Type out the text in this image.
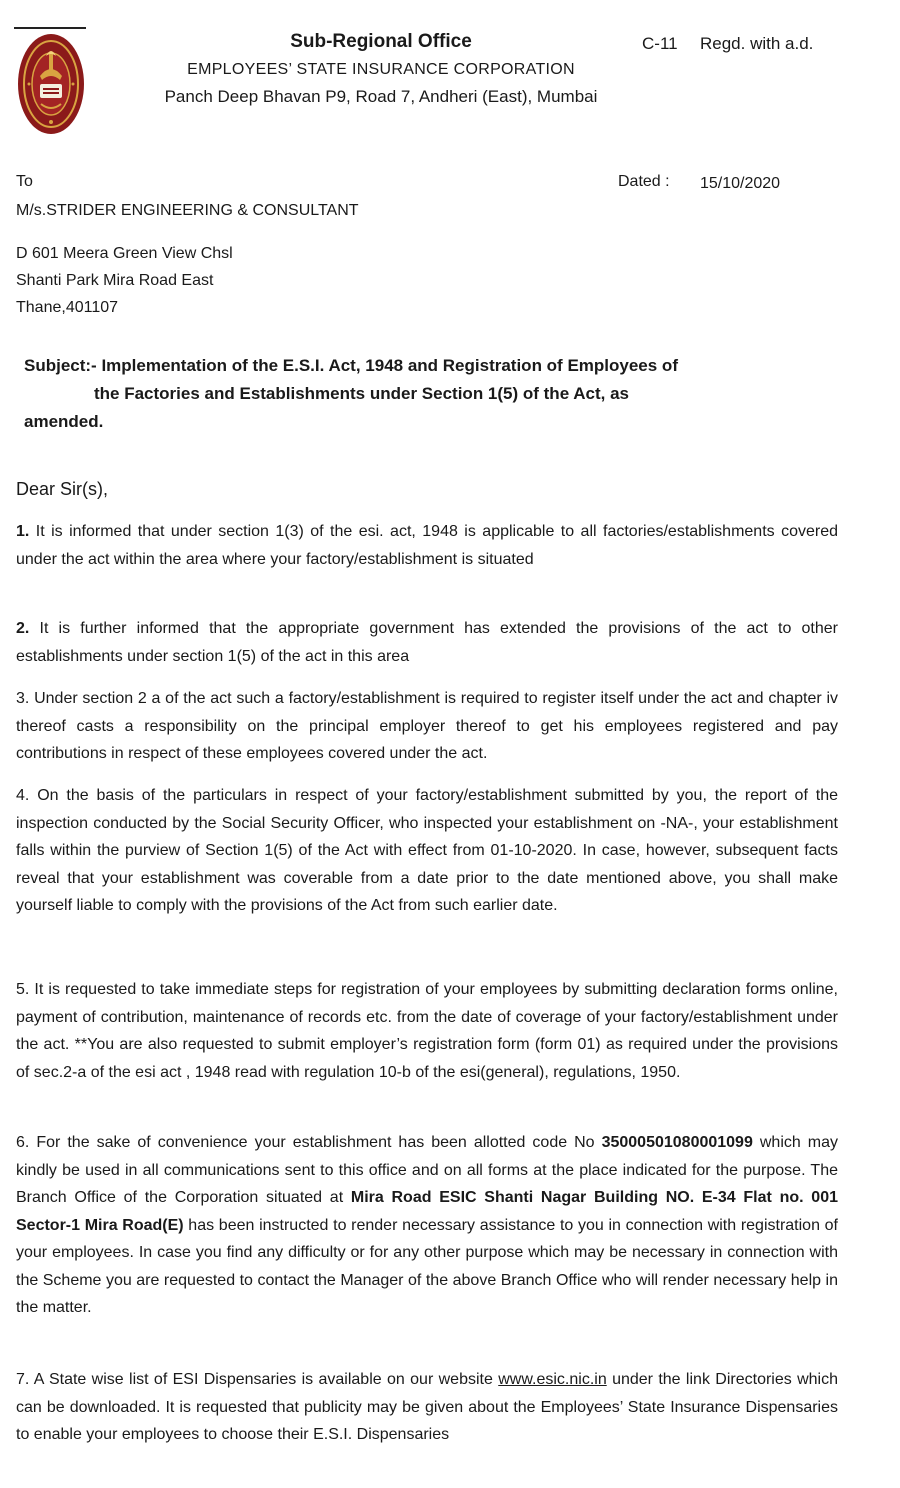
Sub-Regional Office
EMPLOYEES’ STATE INSURANCE CORPORATION
Panch Deep Bhavan P9, Road 7, Andheri (East), Mumbai
C-11 Regd. with a.d.
To	Dated : 15/10/2020
M/s.STRIDER ENGINEERING & CONSULTANT
D 601 Meera Green View Chsl
Shanti Park Mira Road East
Thane,401107
Subject:- Implementation of the E.S.I. Act, 1948 and Registration of Employees of
the Factories and Establishments under Section 1(5) of the Act, as
amended.
Dear Sir(s),

1. It is informed that under section 1(3) of the esi. act, 1948 is applicable to all factories/establishments covered under the act within the area where your factory/establishment is situated

2. It is further informed that the appropriate government has extended the provisions of the act to other establishments under section 1(5) of the act in this area

3. Under section 2 a of the act such a factory/establishment is required to register itself under the act and chapter iv thereof casts a responsibility on the principal employer thereof to get his employees registered and pay contributions in respect of these employees covered under the act.

4. On the basis of the particulars in respect of your factory/establishment submitted by you, the report of the inspection conducted by the Social Security Officer, who inspected your establishment on -NA-, your establishment falls within the purview of Section 1(5) of the Act with effect from 01-10-2020. In case, however, subsequent facts reveal that your establishment was coverable from a date prior to the date mentioned above, you shall make yourself liable to comply with the provisions of the Act from such earlier date.

5. It is requested to take immediate steps for registration of your employees by submitting declaration forms online, payment of contribution, maintenance of records etc. from the date of coverage of your factory/establishment under the act. **You are also requested to submit employer’s registration form (form 01) as required under the provisions of sec.2-a of the esi act , 1948 read with regulation 10-b of the esi(general), regulations, 1950.

6. For the sake of convenience your establishment has been allotted code No 35000501080001099 which may kindly be used in all communications sent to this office and on all forms at the place indicated for the purpose. The Branch Office of the Corporation situated at Mira Road ESIC Shanti Nagar Building NO. E-34 Flat no. 001 Sector-1 Mira Road(E) has been instructed to render necessary assistance to you in connection with registration of your employees. In case you find any difficulty or for any other purpose which may be necessary in connection with the Scheme you are requested to contact the Manager of the above Branch Office who will render necessary help in the matter.

7. A State wise list of ESI Dispensaries is available on our website www.esic.nic.in under the link Directories which can be downloaded. It is requested that publicity may be given about the Employees’ State Insurance Dispensaries to enable your employees to choose their E.S.I. Dispensaries
